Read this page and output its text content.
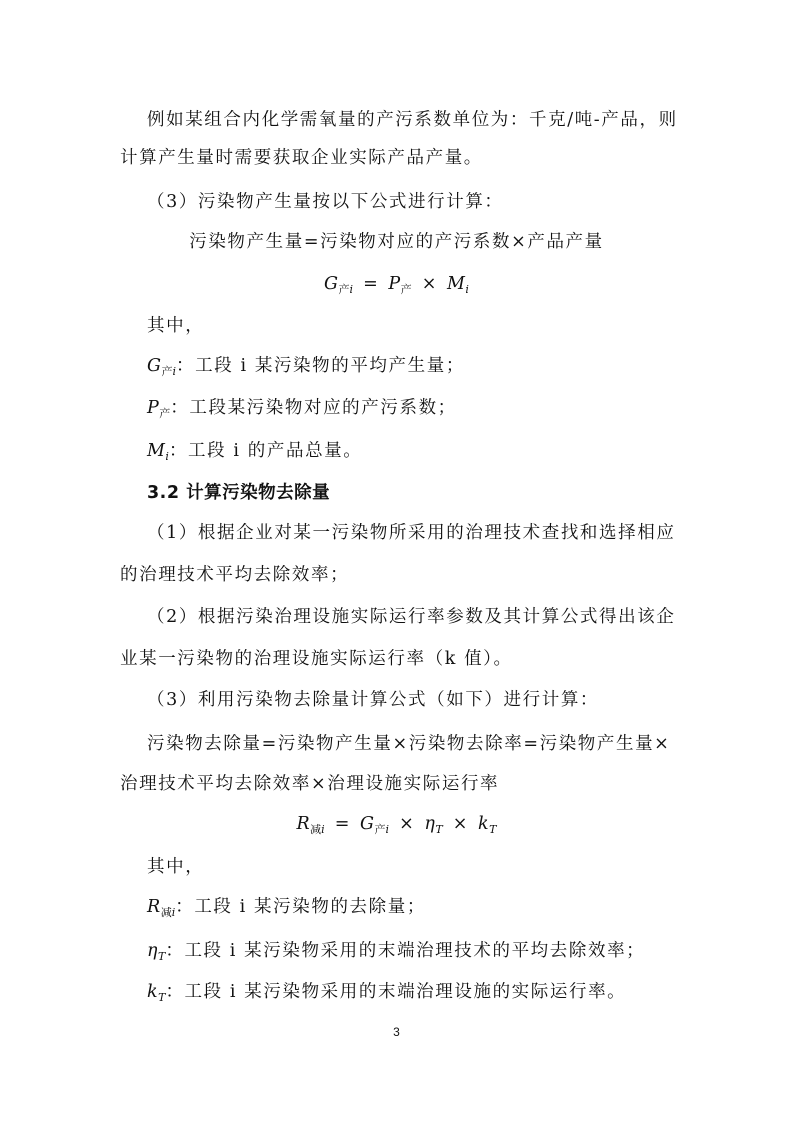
例如某组合内化学需氧量的产污系数单位为：千克/吨-产品，则
计算产生量时需要获取企业实际产品产量。
（3）污染物产生量按以下公式进行计算：
污染物产生量=污染物对应的产污系数×产品产量
$G_{产i} = P_产 \times M_i$
其中，
$G_{产i}$：工段 i 某污染物的平均产生量；
$P_产$：工段某污染物对应的产污系数；
$M_i$：工段 i 的产品总量。
3.2 计算污染物去除量
（1）根据企业对某一污染物所采用的治理技术查找和选择相应
的治理技术平均去除效率；
（2）根据污染治理设施实际运行率参数及其计算公式得出该企
业某一污染物的治理设施实际运行率（k 值）。
（3）利用污染物去除量计算公式（如下）进行计算：
污染物去除量=污染物产生量×污染物去除率=污染物产生量×
治理技术平均去除效率×治理设施实际运行率
$R_{减i} = G_{产i} \times \eta_T \times k_T$
其中，
$R_{减i}$：工段 i 某污染物的去除量；
$\eta_T$：工段 i 某污染物采用的末端治理技术的平均去除效率；
$k_T$：工段 i 某污染物采用的末端治理设施的实际运行率。
3
